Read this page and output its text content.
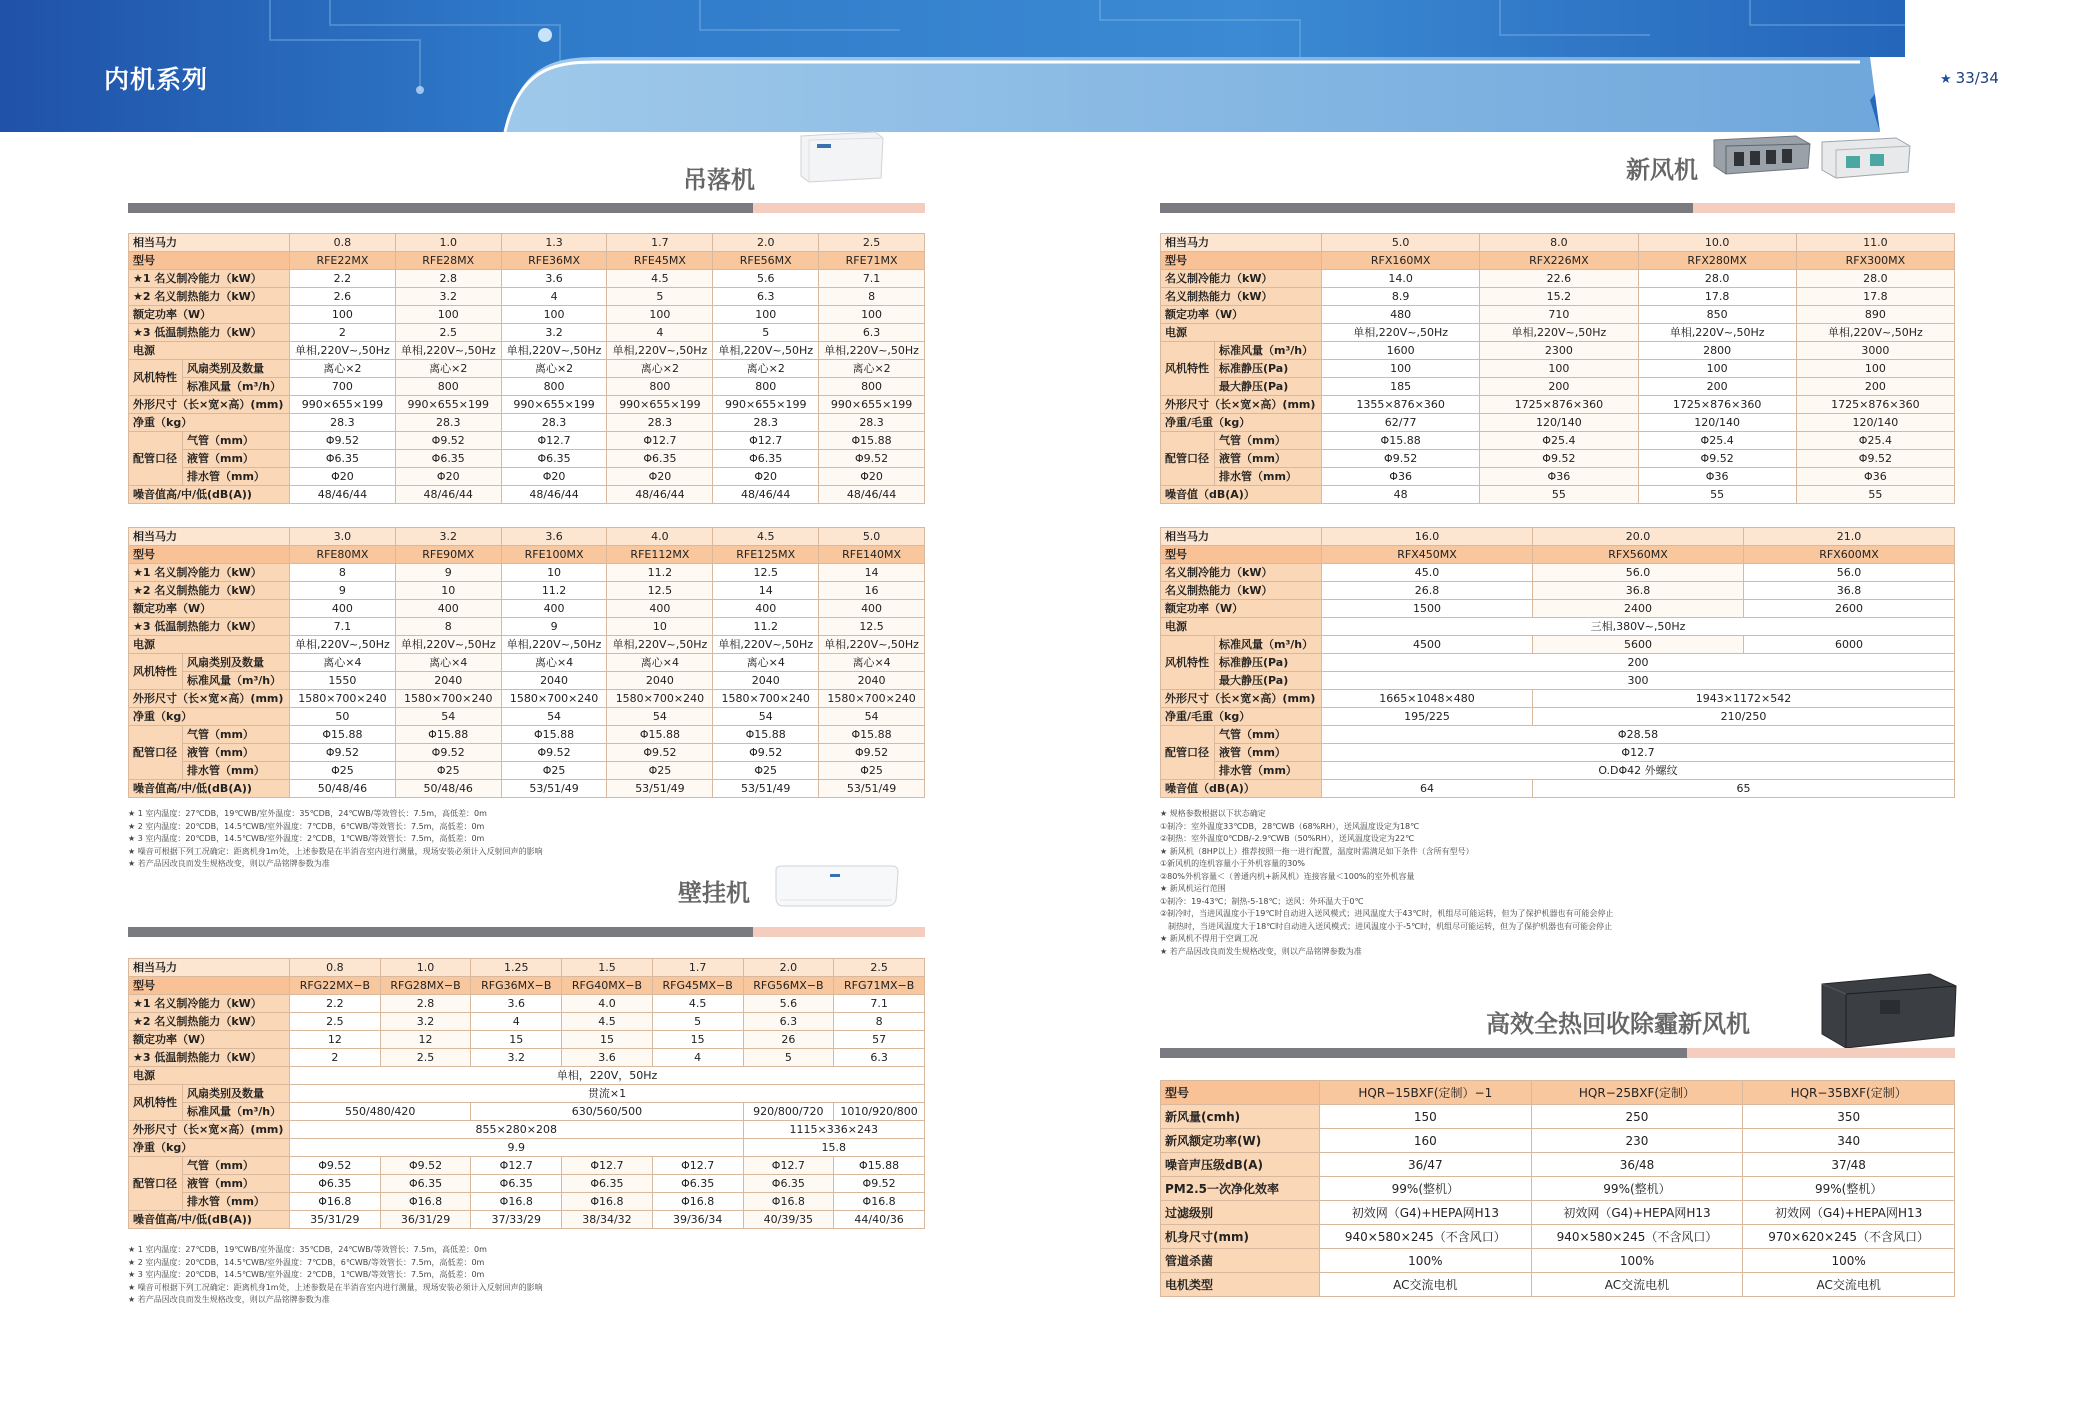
内机系列	★ 33/34
吊落机
相当马力		0.8	1.0	1.3	1.7	2.0	2.5
型号		RFE22MX	RFE28MX	RFE36MX	RFE45MX	RFE56MX	RFE71MX
★1 名义制冷能力（kW）		2.2	2.8	3.6	4.5	5.6	7.1
★2 名义制热能力（kW）		2.6	3.2	4	5	6.3	8
额定功率（W）		100	100	100	100	100	100
★3 低温制热能力（kW）		2	2.5	3.2	4	5	6.3
电源		单相,220V~,50Hz	单相,220V~,50Hz	单相,220V~,50Hz	单相,220V~,50Hz	单相,220V~,50Hz	单相,220V~,50Hz
风机特性	风扇类别及数量	离心×2	离心×2	离心×2	离心×2	离心×2	离心×2
	标准风量（m³/h）	700	800	800	800	800	800
外形尺寸（长×宽×高）(mm)		990×655×199	990×655×199	990×655×199	990×655×199	990×655×199	990×655×199
净重（kg）		28.3	28.3	28.3	28.3	28.3	28.3
配管口径	气管（mm）	Φ9.52	Φ9.52	Φ12.7	Φ12.7	Φ12.7	Φ15.88
	液管（mm）	Φ6.35	Φ6.35	Φ6.35	Φ6.35	Φ6.35	Φ9.52
	排水管（mm）	Φ20	Φ20	Φ20	Φ20	Φ20	Φ20
噪音值高/中/低(dB(A))		48/46/44	48/46/44	48/46/44	48/46/44	48/46/44	48/46/44
相当马力		3.0	3.2	3.6	4.0	4.5	5.0
型号		RFE80MX	RFE90MX	RFE100MX	RFE112MX	RFE125MX	RFE140MX
★1 名义制冷能力（kW）		8	9	10	11.2	12.5	14
★2 名义制热能力（kW）		9	10	11.2	12.5	14	16
额定功率（W）		400	400	400	400	400	400
★3 低温制热能力（kW）		7.1	8	9	10	11.2	12.5
电源		单相,220V~,50Hz	单相,220V~,50Hz	单相,220V~,50Hz	单相,220V~,50Hz	单相,220V~,50Hz	单相,220V~,50Hz
风机特性	风扇类别及数量	离心×4	离心×4	离心×4	离心×4	离心×4	离心×4
	标准风量（m³/h）	1550	2040	2040	2040	2040	2040
外形尺寸（长×宽×高）(mm)		1580×700×240	1580×700×240	1580×700×240	1580×700×240	1580×700×240	1580×700×240
净重（kg）		50	54	54	54	54	54
配管口径	气管（mm）	Φ15.88	Φ15.88	Φ15.88	Φ15.88	Φ15.88	Φ15.88
	液管（mm）	Φ9.52	Φ9.52	Φ9.52	Φ9.52	Φ9.52	Φ9.52
	排水管（mm）	Φ25	Φ25	Φ25	Φ25	Φ25	Φ25
噪音值高/中/低(dB(A))		50/48/46	50/48/46	53/51/49	53/51/49	53/51/49	53/51/49
★ 1 室内温度：27℃DB，19℃WB/室外温度：35℃DB，24℃WB/等效管长：7.5m，高低差：0m
★ 2 室内温度：20℃DB，14.5℃WB/室外温度：7℃DB，6℃WB/等效管长：7.5m，高低差：0m
★ 3 室内温度：20℃DB，14.5℃WB/室外温度：2℃DB，1℃WB/等效管长：7.5m，高低差：0m
★ 噪音可根据下列工况确定：距离机身1m处，上述参数是在半消音室内进行测量，现场安装必须计入反射回声的影响
★ 若产品因改良而发生规格改变，则以产品铭牌参数为准
壁挂机
相当马力		0.8	1.0	1.25	1.5	1.7	2.0	2.5
型号		RFG22MX−B	RFG28MX−B	RFG36MX−B	RFG40MX−B	RFG45MX−B	RFG56MX−B	RFG71MX−B
★1 名义制冷能力（kW）		2.2	2.8	3.6	4.0	4.5	5.6	7.1
★2 名义制热能力（kW）		2.5	3.2	4	4.5	5	6.3	8
额定功率（W）		12	12	15	15	15	26	57
★3 低温制热能力（kW）		2	2.5	3.2	3.6	4	5	6.3
电源		单相，220V，50Hz						
风机特性	风扇类别及数量	贯流×1						
	标准风量（m³/h）	550/480/420		630/560/500			920/800/720	1010/920/800
外形尺寸（长×宽×高）(mm)		855×280×208					1115×336×243	
净重（kg）		9.9					15.8	
配管口径	气管（mm）	Φ9.52	Φ9.52	Φ12.7	Φ12.7	Φ12.7	Φ12.7	Φ15.88
	液管（mm）	Φ6.35	Φ6.35	Φ6.35	Φ6.35	Φ6.35	Φ6.35	Φ9.52
	排水管（mm）	Φ16.8	Φ16.8	Φ16.8	Φ16.8	Φ16.8	Φ16.8	Φ16.8
噪音值高/中/低(dB(A))		35/31/29	36/31/29	37/33/29	38/34/32	39/36/34	40/39/35	44/40/36
★ 1 室内温度：27℃DB，19℃WB/室外温度：35℃DB，24℃WB/等效管长：7.5m，高低差：0m
★ 2 室内温度：20℃DB，14.5℃WB/室外温度：7℃DB，6℃WB/等效管长：7.5m，高低差：0m
★ 3 室内温度：20℃DB，14.5℃WB/室外温度：2℃DB，1℃WB/等效管长：7.5m，高低差：0m
★ 噪音可根据下列工况确定：距离机身1m处，上述参数是在半消音室内进行测量，现场安装必须计入反射回声的影响
★ 若产品因改良而发生规格改变，则以产品铭牌参数为准
新风机
相当马力		5.0	8.0	10.0	11.0
型号		RFX160MX	RFX226MX	RFX280MX	RFX300MX
名义制冷能力（kW）		14.0	22.6	28.0	28.0
名义制热能力（kW）		8.9	15.2	17.8	17.8
额定功率（W）		480	710	850	890
电源		单相,220V~,50Hz	单相,220V~,50Hz	单相,220V~,50Hz	单相,220V~,50Hz
风机特性	标准风量（m³/h）	1600	2300	2800	3000
	标准静压(Pa)	100	100	100	100
	最大静压(Pa)	185	200	200	200
外形尺寸（长×宽×高）(mm)		1355×876×360	1725×876×360	1725×876×360	1725×876×360
净重/毛重（kg）		62/77	120/140	120/140	120/140
配管口径	气管（mm）	Φ15.88	Φ25.4	Φ25.4	Φ25.4
	液管（mm）	Φ9.52	Φ9.52	Φ9.52	Φ9.52
	排水管（mm）	Φ36	Φ36	Φ36	Φ36
噪音值（dB(A)）		48	55	55	55
相当马力		16.0	20.0	21.0
型号		RFX450MX	RFX560MX	RFX600MX
名义制冷能力（kW）		45.0	56.0	56.0
名义制热能力（kW）		26.8	36.8	36.8
额定功率（W）		1500	2400	2600
电源		三相,380V~,50Hz		
风机特性	标准风量（m³/h）	4500	5600	6000
	标准静压(Pa)	200		
	最大静压(Pa)	300		
外形尺寸（长×宽×高）(mm)		1665×1048×480	1943×1172×542	
净重/毛重（kg）		195/225	210/250	
配管口径	气管（mm）	Φ28.58		
	液管（mm）	Φ12.7		
	排水管（mm）	O.DΦ42 外螺纹		
噪音值（dB(A)）		64	65	
★ 规格参数根据以下状态确定
①制冷：室外温度33℃DB，28℃WB（68%RH），送风温度设定为18℃
②制热：室外温度0℃DB/-2.9℃WB（50%RH），送风温度设定为22℃
★ 新风机（8HP以上）推荐按照一拖一进行配置，温度时需满足如下条件（含所有型号）
①新风机的连机容量小于外机容量的30%
②80%外机容量＜（普通内机+新风机）连接容量＜100%的室外机容量
★ 新风机运行范围
①制冷：19-43℃；制热-5-18℃；送风：外环温大于0℃
②制冷时，当进风温度小于19℃时自动进入送风模式；进风温度大于43℃时，机组尽可能运转，但为了保护机器也有可能会停止
　制热时，当进风温度大于18℃时自动进入送风模式；进风温度小于-5℃时，机组尽可能运转，但为了保护机器也有可能会停止
★ 新风机不得用于空调工况
★ 若产品因改良而发生规格改变，则以产品铭牌参数为准
高效全热回收除霾新风机
型号	HQR−15BXF(定制）−1	HQR−25BXF(定制）	HQR−35BXF(定制）
新风量(cmh)	150	250	350
新风额定功率(W)	160	230	340
噪音声压级dB(A)	36/47	36/48	37/48
PM2.5一次净化效率	99%(整机）	99%(整机）	99%(整机）
过滤级别	初效网（G4)+HEPA网H13	初效网（G4)+HEPA网H13	初效网（G4)+HEPA网H13
机身尺寸(mm)	940×580×245（不含风口）	940×580×245（不含风口）	970×620×245（不含风口）
管道杀菌	100%	100%	100%
电机类型	AC交流电机	AC交流电机	AC交流电机
